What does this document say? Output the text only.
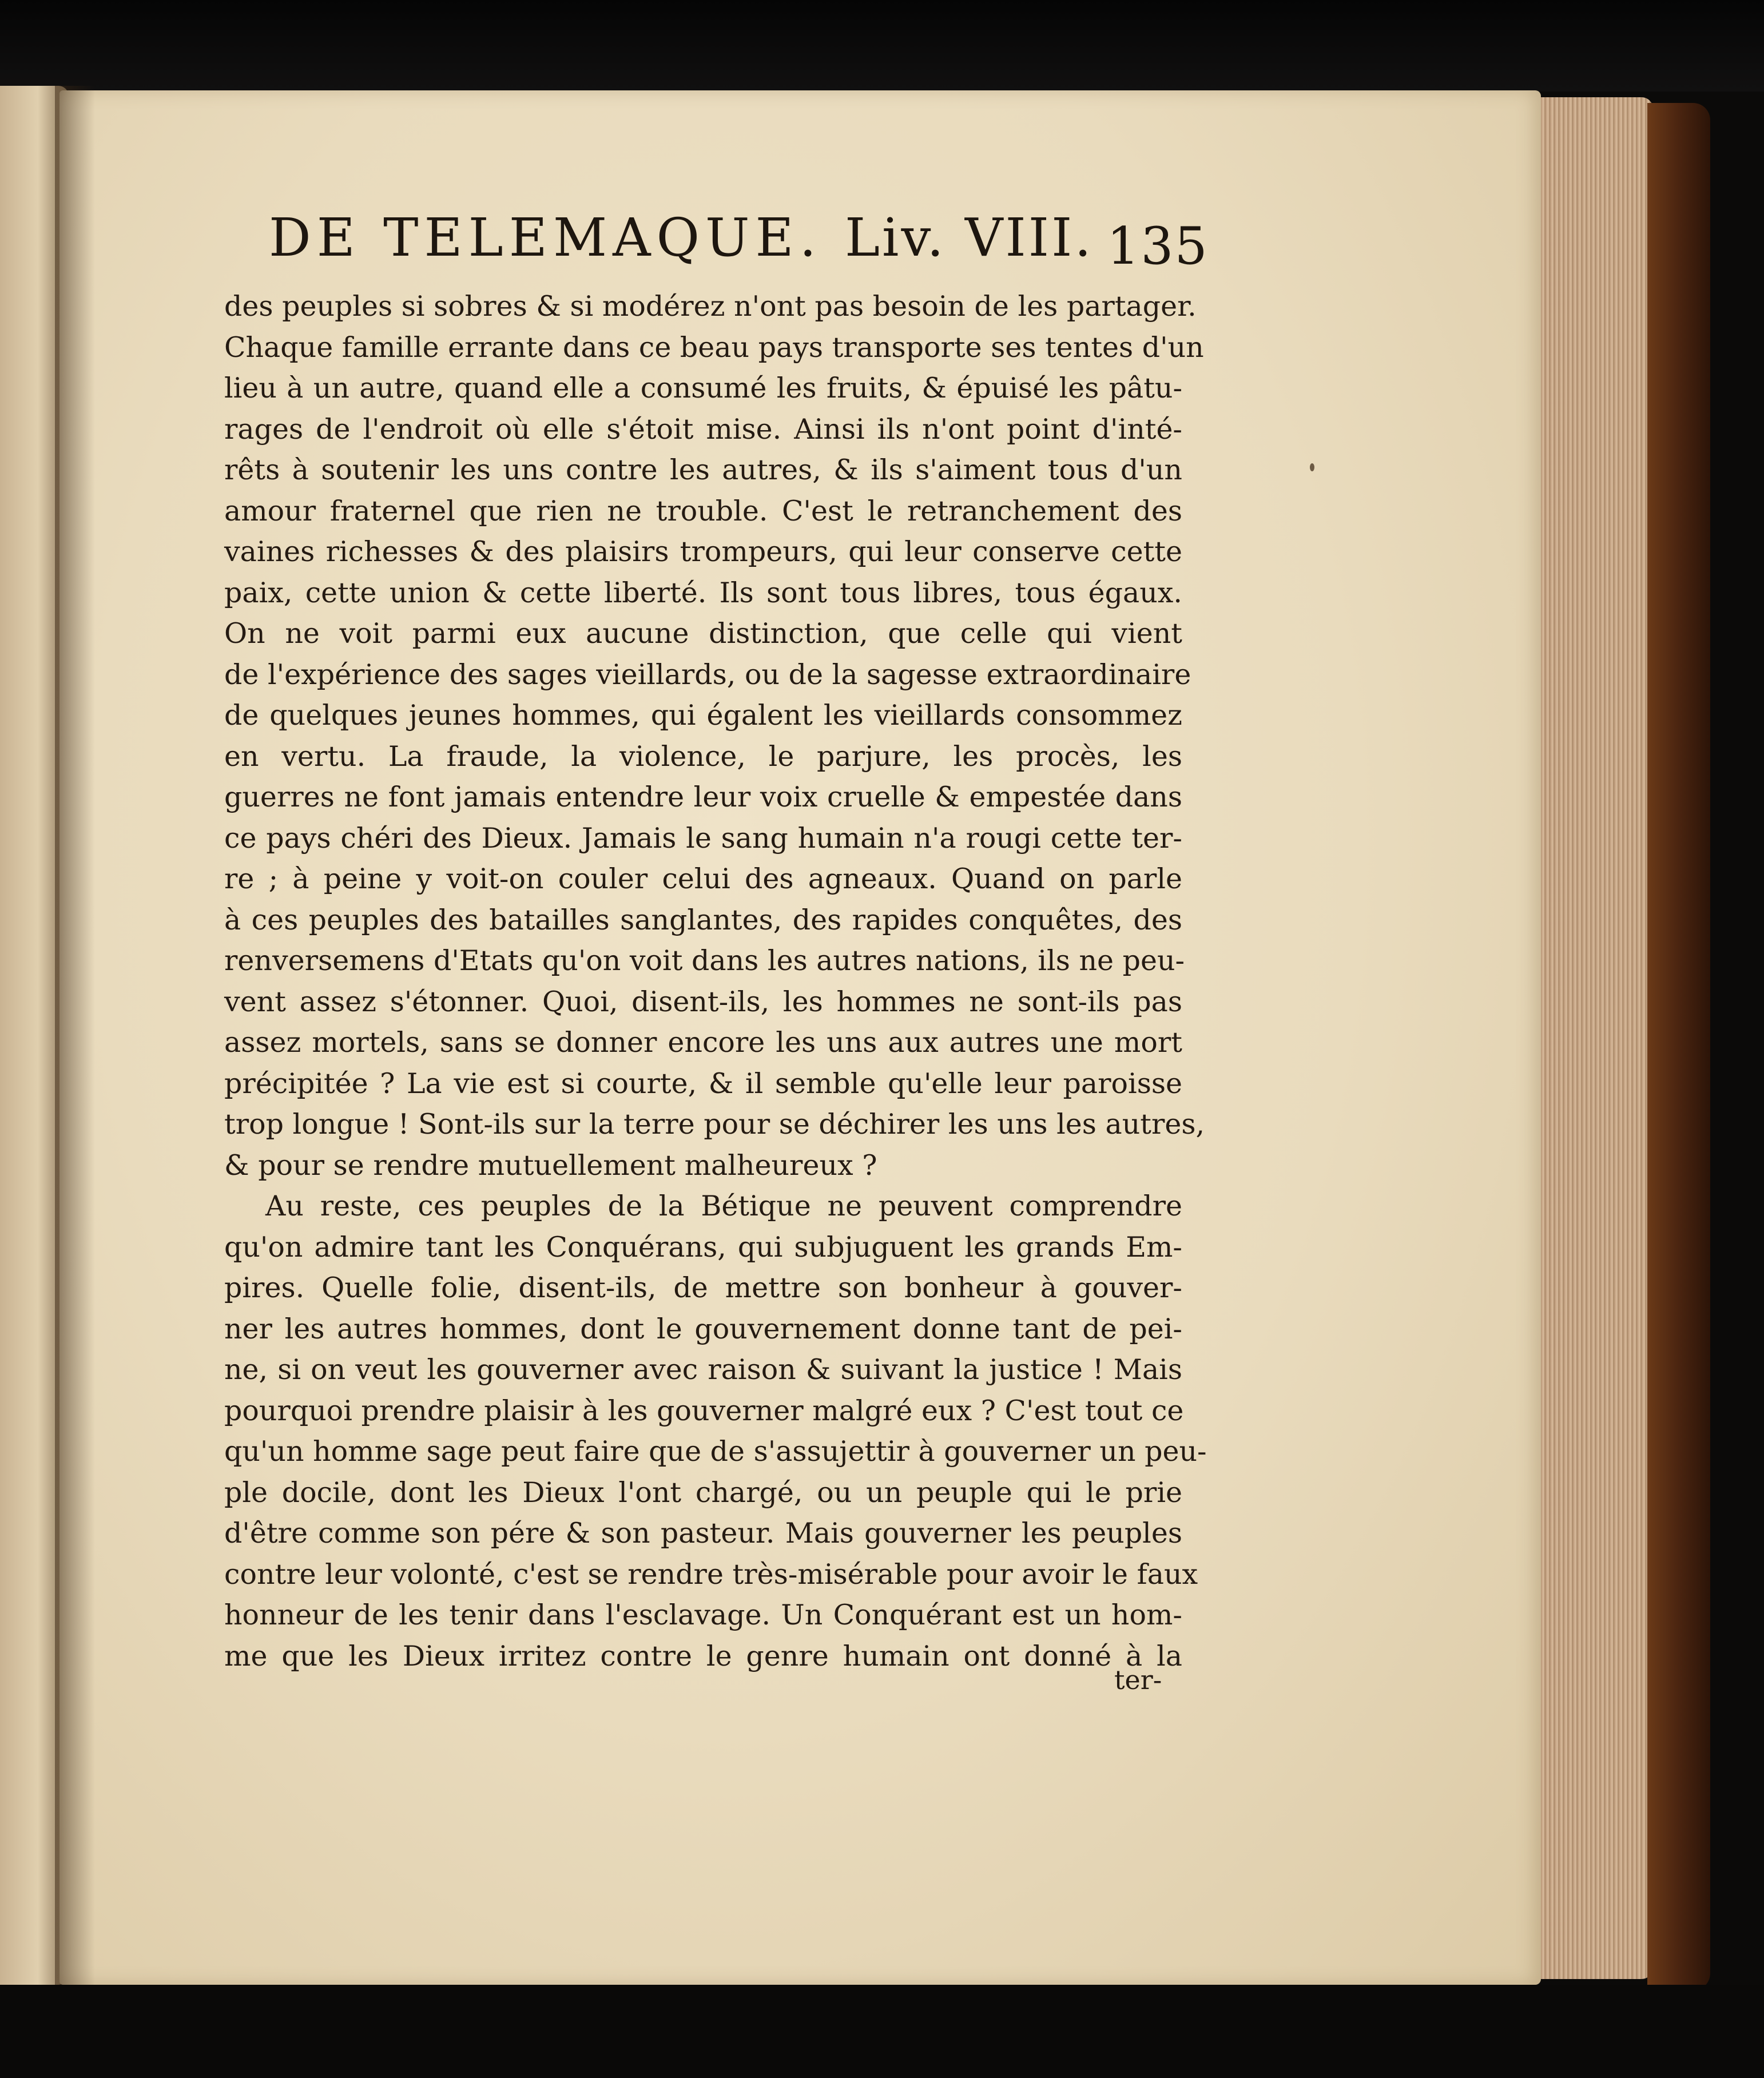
DE TELEMAQUE. Liv. VIII. 135
des peuples si sobres & si modérez n'ont pas besoin de les partager.
Chaque famille errante dans ce beau pays transporte ses tentes d'un
lieu à un autre, quand elle a consumé les fruits, & épuisé les pâtu-
rages de l'endroit où elle s'étoit mise. Ainsi ils n'ont point d'inté-
rêts à soutenir les uns contre les autres, & ils s'aiment tous d'un
amour fraternel que rien ne trouble. C'est le retranchement des
vaines richesses & des plaisirs trompeurs, qui leur conserve cette
paix, cette union & cette liberté. Ils sont tous libres, tous égaux.
On ne voit parmi eux aucune distinction, que celle qui vient
de l'expérience des sages vieillards, ou de la sagesse extraordinaire
de quelques jeunes hommes, qui égalent les vieillards consommez
en vertu. La fraude, la violence, le parjure, les procès, les
guerres ne font jamais entendre leur voix cruelle & empestée dans
ce pays chéri des Dieux. Jamais le sang humain n'a rougi cette ter-
re ; à peine y voit-on couler celui des agneaux. Quand on parle
à ces peuples des batailles sanglantes, des rapides conquêtes, des
renversemens d'Etats qu'on voit dans les autres nations, ils ne peu-
vent assez s'étonner. Quoi, disent-ils, les hommes ne sont-ils pas
assez mortels, sans se donner encore les uns aux autres une mort
précipitée ? La vie est si courte, & il semble qu'elle leur paroisse
trop longue ! Sont-ils sur la terre pour se déchirer les uns les autres,
& pour se rendre mutuellement malheureux ?
Au reste, ces peuples de la Bétique ne peuvent comprendre
qu'on admire tant les Conquérans, qui subjuguent les grands Em-
pires. Quelle folie, disent-ils, de mettre son bonheur à gouver-
ner les autres hommes, dont le gouvernement donne tant de pei-
ne, si on veut les gouverner avec raison & suivant la justice ! Mais
pourquoi prendre plaisir à les gouverner malgré eux ? C'est tout ce
qu'un homme sage peut faire que de s'assujettir à gouverner un peu-
ple docile, dont les Dieux l'ont chargé, ou un peuple qui le prie
d'être comme son pére & son pasteur. Mais gouverner les peuples
contre leur volonté, c'est se rendre très-misérable pour avoir le faux
honneur de les tenir dans l'esclavage. Un Conquérant est un hom-
me que les Dieux irritez contre le genre humain ont donné à la
ter-
